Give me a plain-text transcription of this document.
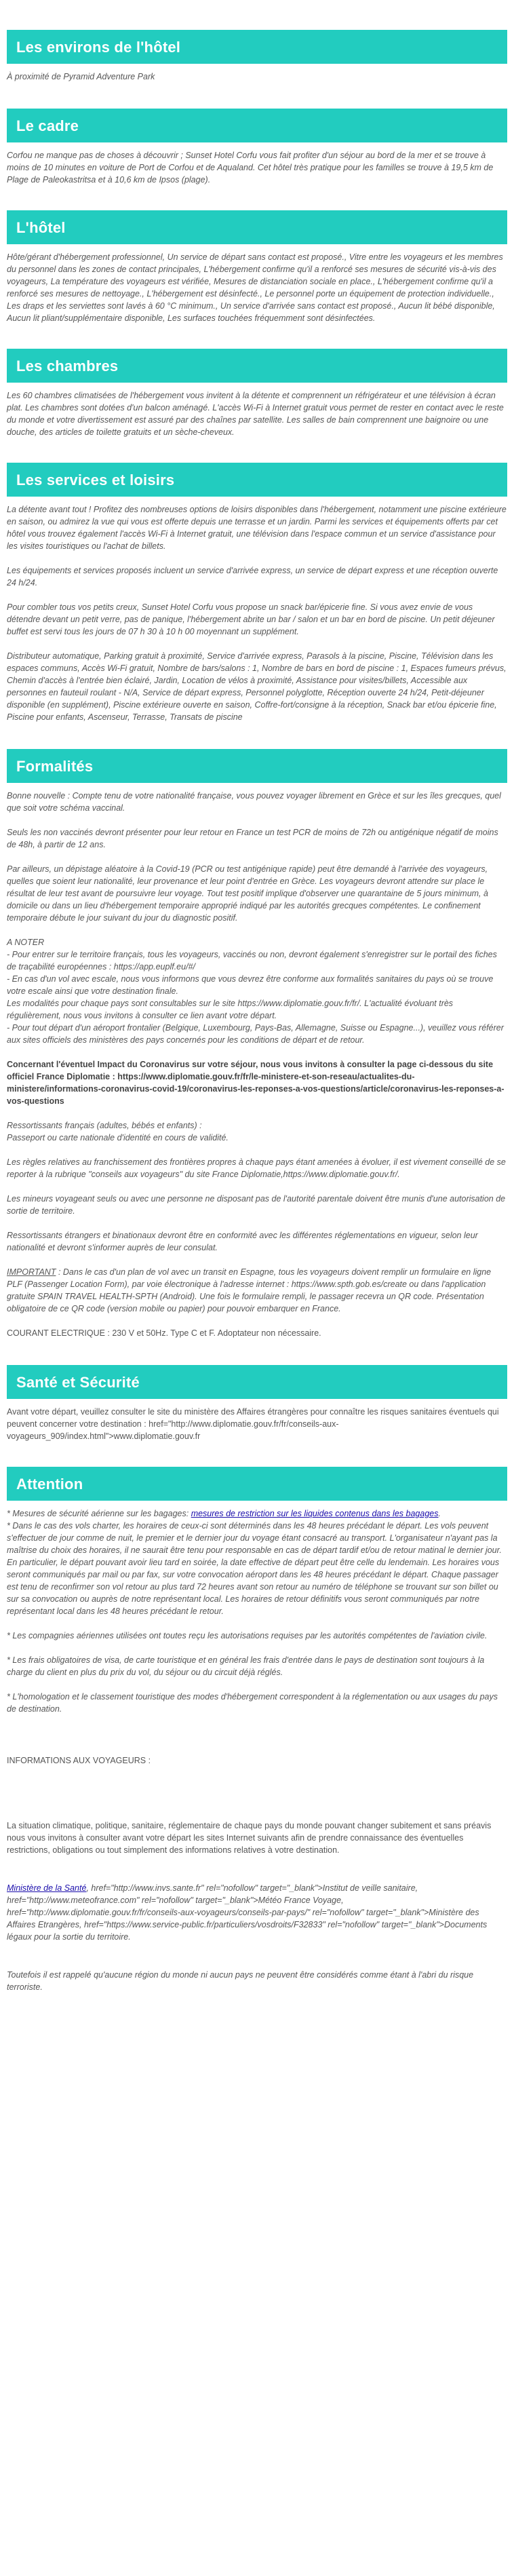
Les environs de l'hôtel
À proximité de Pyramid Adventure Park
Le cadre
Corfou ne manque pas de choses à découvrir ; Sunset Hotel Corfu vous fait profiter d'un séjour au bord de la mer et se trouve à moins de 10 minutes en voiture de Port de Corfou et de Aqualand. Cet hôtel très pratique pour les familles se trouve à 19,5 km de Plage de Paleokastritsa et à 10,6 km de Ipsos (plage).
L'hôtel
Hôte/gérant d'hébergement professionnel, Un service de départ sans contact est proposé., Vitre entre les voyageurs et les membres du personnel dans les zones de contact principales, L'hébergement confirme qu'il a renforcé ses mesures de sécurité vis-à-vis des voyageurs, La température des voyageurs est vérifiée, Mesures de distanciation sociale en place., L'hébergement confirme qu'il a renforcé ses mesures de nettoyage., L'hébergement est désinfecté., Le personnel porte un équipement de protection individuelle., Les draps et les serviettes sont lavés à 60 °C minimum., Un service d'arrivée sans contact est proposé., Aucun lit bébé disponible, Aucun lit pliant/supplémentaire disponible, Les surfaces touchées fréquemment sont désinfectées.
Les chambres
Les 60 chambres climatisées de l'hébergement vous invitent à la détente et comprennent un réfrigérateur et une télévision à écran plat. Les chambres sont dotées d'un balcon aménagé. L'accès Wi-Fi à Internet gratuit vous permet de rester en contact avec le reste du monde et votre divertissement est assuré par des chaînes par satellite. Les salles de bain comprennent une baignoire ou une douche, des articles de toilette gratuits et un sèche-cheveux.
Les services et loisirs

La détente avant tout ! Profitez des nombreuses options de loisirs disponibles dans l'hébergement, notamment une piscine extérieure en saison, ou admirez la vue qui vous est offerte depuis une terrasse et un jardin. Parmi les services et équipements offerts par cet hôtel vous trouvez également l'accès Wi-Fi à Internet gratuit, une télévision dans l'espace commun et un service d'assistance pour les visites touristiques ou l'achat de billets.

Les équipements et services proposés incluent un service d'arrivée express, un service de départ express et une réception ouverte 24 h/24.

Pour combler tous vos petits creux, Sunset Hotel Corfu vous propose un snack bar/épicerie fine. Si vous avez envie de vous détendre devant un petit verre, pas de panique, l'hébergement abrite un bar / salon et un bar en bord de piscine. Un petit déjeuner buffet est servi tous les jours de 07 h 30 à 10 h 00 moyennant un supplément.

Distributeur automatique, Parking gratuit à proximité, Service d'arrivée express, Parasols à la piscine, Piscine, Télévision dans les espaces communs, Accès Wi-Fi gratuit, Nombre de bars/salons : 1, Nombre de bars en bord de piscine : 1, Espaces fumeurs prévus, Chemin d'accès à l'entrée bien éclairé, Jardin, Location de vélos à proximité, Assistance pour visites/billets, Accessible aux personnes en fauteuil roulant - N/A, Service de départ express, Personnel polyglotte, Réception ouverte 24 h/24, Petit-déjeuner disponible (en supplément), Piscine extérieure ouverte en saison, Coffre-fort/consigne à la réception, Snack bar et/ou épicerie fine, Piscine pour enfants, Ascenseur, Terrasse, Transats de piscine

Formalités

Bonne nouvelle : Compte tenu de votre nationalité française, vous pouvez voyager librement en Grèce et sur les îles grecques, quel que soit votre schéma vaccinal.

Seuls les non vaccinés devront présenter pour leur retour en France un test PCR de moins de 72h ou antigénique négatif de moins de 48h, à partir de 12 ans.

Par ailleurs, un dépistage aléatoire à la Covid-19 (PCR ou test antigénique rapide) peut être demandé à l'arrivée des voyageurs, quelles que soient leur nationalité, leur provenance et leur point d'entrée en Grèce. Les voyageurs devront attendre sur place le résultat de leur test avant de poursuivre leur voyage. Tout test positif implique d'observer une quarantaine de 5 jours minimum, à domicile ou dans un lieu d'hébergement temporaire approprié indiqué par les autorités grecques compétentes. Le confinement temporaire débute le jour suivant du jour du diagnostic positif.

A NOTER

- Pour entrer sur le territoire français, tous les voyageurs, vaccinés ou non, devront également s'enregistrer sur le portail des fiches de traçabilité européennes : https://app.euplf.eu/#/

- En cas d'un vol avec escale, nous vous informons que vous devrez être conforme aux formalités sanitaires du pays où se trouve votre escale ainsi que votre destination finale.

Les modalités pour chaque pays sont consultables sur le site https://www.diplomatie.gouv.fr/fr/. L'actualité évoluant très régulièrement, nous vous invitons à consulter ce lien avant votre départ.

- Pour tout départ d'un aéroport frontalier (Belgique, Luxembourg, Pays-Bas, Allemagne, Suisse ou Espagne...), veuillez vous référer aux sites officiels des ministères des pays concernés pour les conditions de départ et de retour.

Concernant l'éventuel Impact du Coronavirus sur votre séjour, nous vous invitons à consulter la page ci-dessous du site officiel France Diplomatie : https://www.diplomatie.gouv.fr/fr/le-ministere-et-son-reseau/actualites-du-ministere/informations-coronavirus-covid-19/coronavirus-les-reponses-a-vos-questions/article/coronavirus-les-reponses-a-vos-questions

Ressortissants français (adultes, bébés et enfants) :
Passeport ou carte nationale d'identité en cours de validité.

Les règles relatives au franchissement des frontières propres à chaque pays étant amenées à évoluer, il est vivement conseillé de se reporter à la rubrique "conseils aux voyageurs" du site France Diplomatie,https://www.diplomatie.gouv.fr/.

Les mineurs voyageant seuls ou avec une personne ne disposant pas de l'autorité parentale doivent être munis d'une autorisation de sortie de territoire.

Ressortissants étrangers et binationaux devront être en conformité avec les différentes réglementations en vigueur, selon leur nationalité et devront s'informer auprès de leur consulat.

IMPORTANT : Dans le cas d'un plan de vol avec un transit en Espagne, tous les voyageurs doivent remplir un formulaire en ligne PLF (Passenger Location Form), par voie électronique à l'adresse internet : https://www.spth.gob.es/create ou dans l'application gratuite SPAIN TRAVEL HEALTH-SPTH (Android). Une fois le formulaire rempli, le passager recevra un QR code. Présentation obligatoire de ce QR code (version mobile ou papier) pour pouvoir embarquer en France.

COURANT ELECTRIQUE : 230 V et 50Hz. Type C et F. Adoptateur non nécessaire.

Santé et Sécurité
Avant votre départ, veuillez consulter le site du ministère des Affaires étrangères pour connaître les risques sanitaires éventuels qui peuvent concerner votre destination : href="http://www.diplomatie.gouv.fr/fr/conseils-aux-voyageurs_909/index.html">www.diplomatie.gouv.fr
Attention

* Mesures de sécurité aérienne sur les bagages: mesures de restriction sur les liquides contenus dans les bagages.

* Dans le cas des vols charter, les horaires de ceux-ci sont déterminés dans les 48 heures précédant le départ. Les vols peuvent s'effectuer de jour comme de nuit, le premier et le dernier jour du voyage étant consacré au transport. L'organisateur n'ayant pas la maîtrise du choix des horaires, il ne saurait être tenu pour responsable en cas de départ tardif et/ou de retour matinal le dernier jour. En particulier, le départ pouvant avoir lieu tard en soirée, la date effective de départ peut être celle du lendemain. Les horaires vous seront communiqués par mail ou par fax, sur votre convocation aéroport dans les 48 heures précédant le départ. Chaque passager est tenu de reconfirmer son vol retour au plus tard 72 heures avant son retour au numéro de téléphone se trouvant sur son billet ou sur sa convocation ou auprès de notre représentant local. Les horaires de retour définitifs vous seront communiqués par notre représentant local dans les 48 heures précédant le retour.

* Les compagnies aériennes utilisées ont toutes reçu les autorisations requises par les autorités compétentes de l'aviation civile.

* Les frais obligatoires de visa, de carte touristique et en général les frais d'entrée dans le pays de destination sont toujours à la charge du client en plus du prix du vol, du séjour ou du circuit déjà réglés.

* L'homologation et le classement touristique des modes d'hébergement correspondent à la réglementation ou aux usages du pays de destination.

INFORMATIONS AUX VOYAGEURS :

La situation climatique, politique, sanitaire, réglementaire de chaque pays du monde pouvant changer subitement et sans préavis nous vous invitons à consulter avant votre départ les sites Internet suivants afin de prendre connaissance des éventuelles restrictions, obligations ou tout simplement des informations relatives à votre destination.

Ministère de la Santé, href="http://www.invs.sante.fr" rel="nofollow" target="_blank">Institut de veille sanitaire, href="http://www.meteofrance.com" rel="nofollow" target="_blank">Météo France Voyage, href="http://www.diplomatie.gouv.fr/fr/conseils-aux-voyageurs/conseils-par-pays/" rel="nofollow" target="_blank">Ministère des Affaires Etrangères, href="https://www.service-public.fr/particuliers/vosdroits/F32833" rel="nofollow" target="_blank">Documents légaux pour la sortie du territoire.

Toutefois il est rappelé qu'aucune région du monde ni aucun pays ne peuvent être considérés comme étant à l'abri du risque terroriste.
